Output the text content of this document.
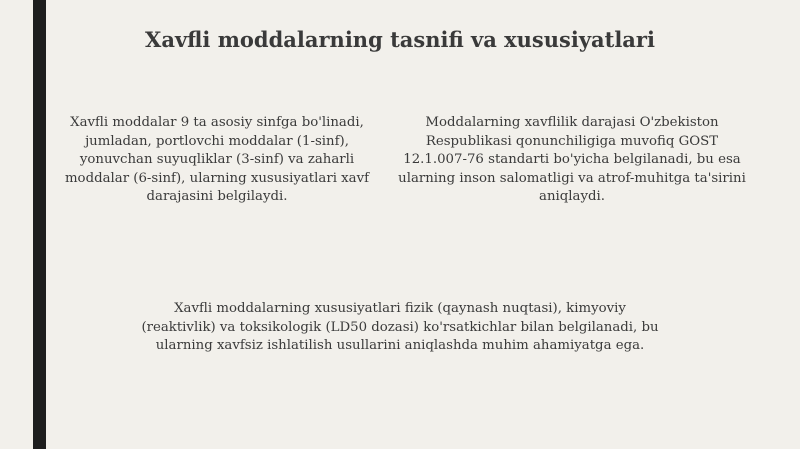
Xavfli moddalarning tasnifi va xususiyatlari
Xavfli moddalar 9 ta asosiy sinfga bo'linadi, jumladan, portlovchi moddalar (1-sinf), yonuvchan suyuqliklar (3-sinf) va zaharli moddalar (6-sinf), ularning xususiyatlari xavf darajasini belgilaydi.
Moddalarning xavflilik darajasi O'zbekiston Respublikasi qonunchiligiga muvofiq GOST 12.1.007-76 standarti bo'yicha belgilanadi, bu esa ularning inson salomatligi va atrof-muhitga ta'sirini aniqlaydi.
Xavfli moddalarning xususiyatlari fizik (qaynash nuqtasi), kimyoviy (reaktivlik) va toksikologik (LD50 dozasi) ko'rsatkichlar bilan belgilanadi, bu ularning xavfsiz ishlatilish usullarini aniqlashda muhim ahamiyatga ega.
